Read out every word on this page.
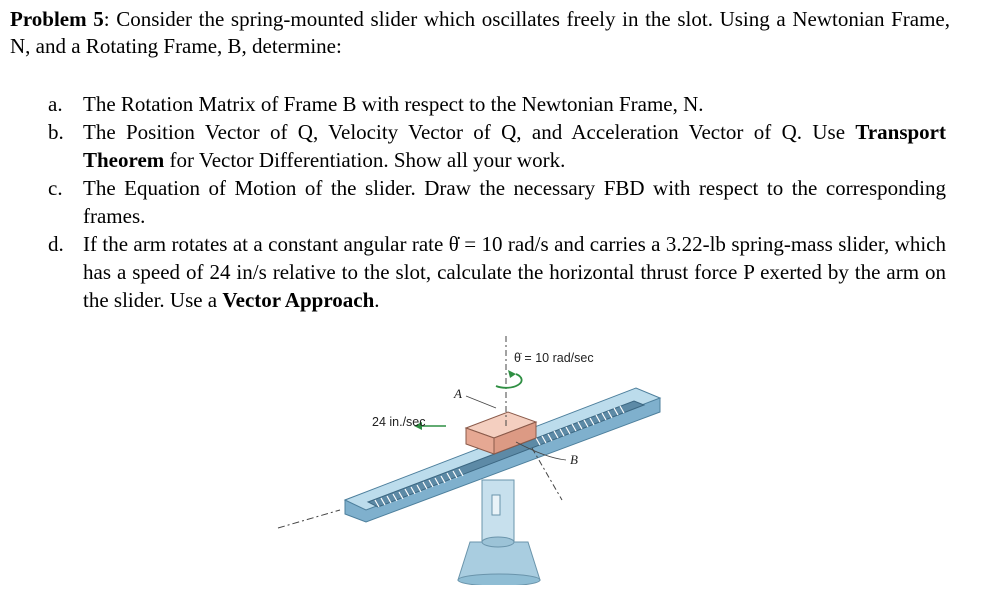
Problem 5: Consider the spring-mounted slider which oscillates freely in the slot. Using a Newtonian Frame, N, and a Rotating Frame, B, determine:
a. The Rotation Matrix of Frame B with respect to the Newtonian Frame, N.
b. The Position Vector of Q, Velocity Vector of Q, and Acceleration Vector of Q. Use Transport Theorem for Vector Differentiation. Show all your work.
c. The Equation of Motion of the slider. Draw the necessary FBD with respect to the corresponding frames.
d. If the arm rotates at a constant angular rate θ̇ = 10 rad/s and carries a 3.22-lb spring-mass slider, which has a speed of 24 in/s relative to the slot, calculate the horizontal thrust force P exerted by the arm on the slider. Use a Vector Approach.
θ̇ = 10 rad/sec
24 in./sec
A
B
